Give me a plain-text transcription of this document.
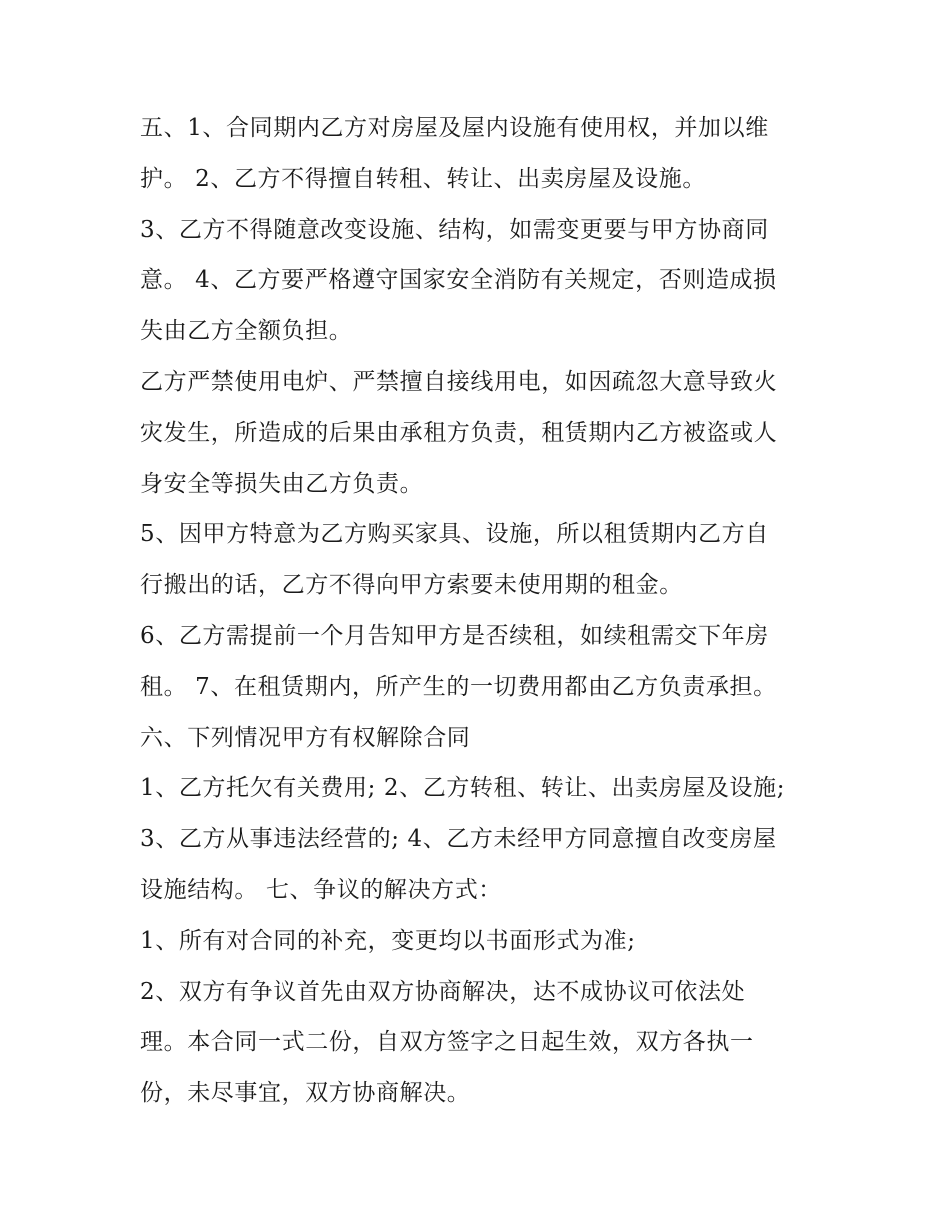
五、1、合同期内乙方对房屋及屋内设施有使用权，并加以维
护。 2、乙方不得擅自转租、转让、出卖房屋及设施。
3、乙方不得随意改变设施、结构，如需变更要与甲方协商同
意。 4、乙方要严格遵守国家安全消防有关规定，否则造成损
失由乙方全额负担。
乙方严禁使用电炉、严禁擅自接线用电，如因疏忽大意导致火
灾发生，所造成的后果由承租方负责，租赁期内乙方被盗或人
身安全等损失由乙方负责。
5、因甲方特意为乙方购买家具、设施，所以租赁期内乙方自
行搬出的话，乙方不得向甲方索要未使用期的租金。
6、乙方需提前一个月告知甲方是否续租，如续租需交下年房
租。 7、在租赁期内，所产生的一切费用都由乙方负责承担。
六、下列情况甲方有权解除合同
1、乙方托欠有关费用; 2、乙方转租、转让、出卖房屋及设施;
3、乙方从事违法经营的; 4、乙方未经甲方同意擅自改变房屋
设施结构。 七、争议的解决方式：
1、所有对合同的补充，变更均以书面形式为准;
2、双方有争议首先由双方协商解决，达不成协议可依法处
理。本合同一式二份，自双方签字之日起生效，双方各执一
份，未尽事宜，双方协商解决。
